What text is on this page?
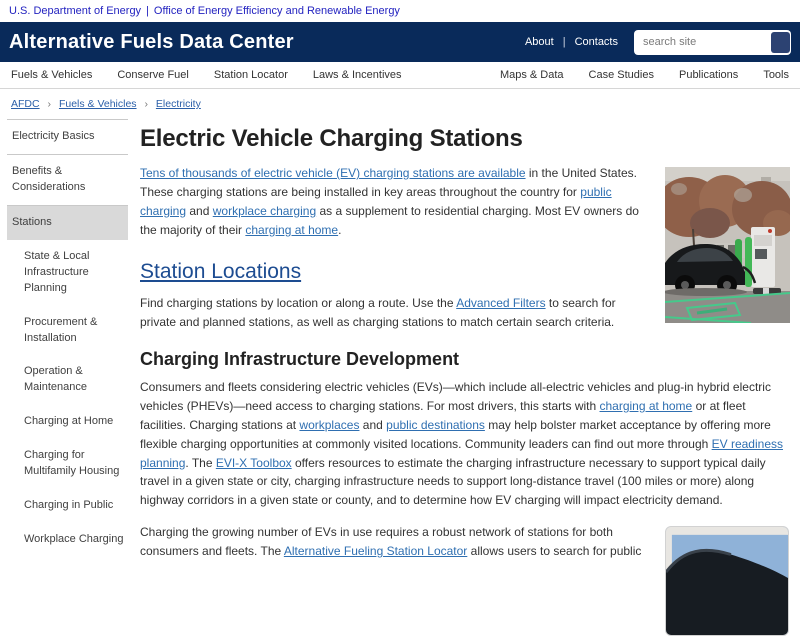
U.S. Department of Energy | Office of Energy Efficiency and Renewable Energy
Alternative Fuels Data Center	About | Contacts
search site
Fuels & Vehicles Conserve Fuel Station Locator Laws & Incentives	Maps & Data Case Studies Publications Tools
AFDC › Fuels & Vehicles › Electricity
Electricity Basics
Benefits & Considerations
Stations
State & Local Infrastructure Planning
Procurement & Installation
Operation & Maintenance
Charging at Home
Charging for Multifamily Housing
Charging in Public
Workplace Charging
Electric Vehicle Charging Stations

Tens of thousands of electric vehicle (EV) charging stations are available in the United States. These charging stations are being installed in key areas throughout the country for public charging and workplace charging as a supplement to residential charging. Most EV owners do the majority of their charging at home.

Station Locations

Find charging stations by location or along a route. Use the Advanced Filters to search for private and planned stations, as well as charging stations to match certain search criteria.

Charging Infrastructure Development

Consumers and fleets considering electric vehicles (EVs)—which include all-electric vehicles and plug-in hybrid electric vehicles (PHEVs)—need access to charging stations. For most drivers, this starts with charging at home or at fleet facilities. Charging stations at workplaces and public destinations may help bolster market acceptance by offering more flexible charging opportunities at commonly visited locations. Community leaders can find out more through EV readiness planning. The EVI-X Toolbox offers resources to estimate the charging infrastructure necessary to support typical daily travel in a given state or city, charging infrastructure needs to support long-distance travel (100 miles or more) along highway corridors in a given state or county, and to determine how EV charging will impact electricity demand.

Charging the growing number of EVs in use requires a robust network of stations for both consumers and fleets. The Alternative Fueling Station Locator allows users to search for public
